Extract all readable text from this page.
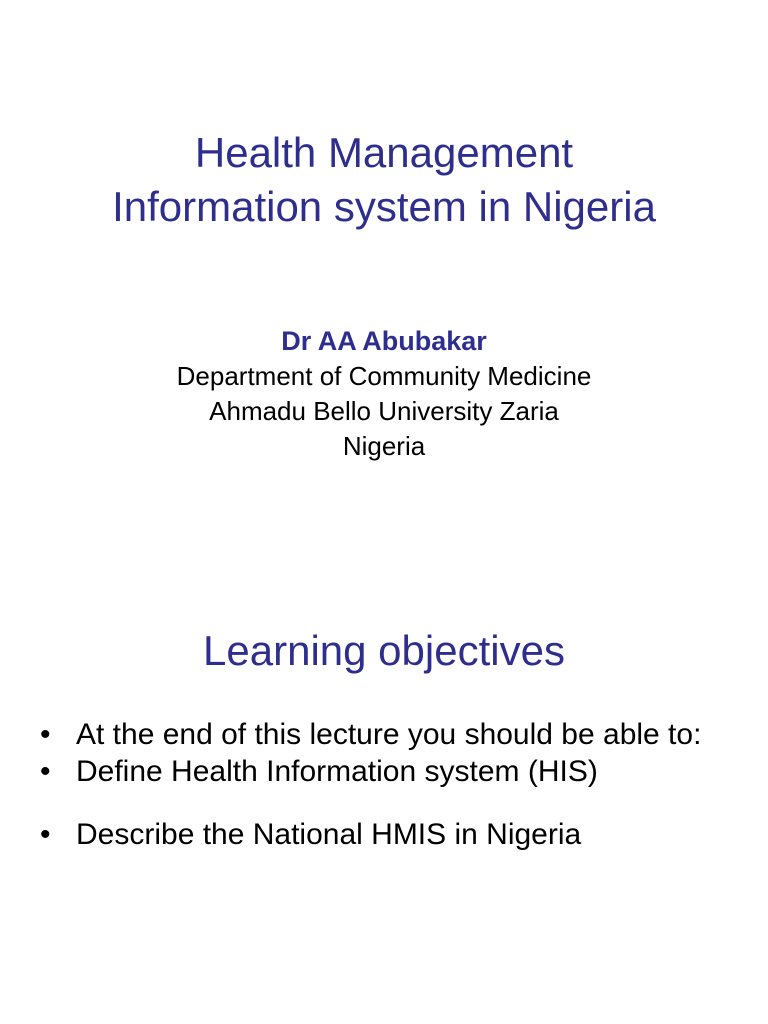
Health Management
Information system in Nigeria
Dr AA Abubakar
Department of Community Medicine
Ahmadu Bello University Zaria
Nigeria
Learning objectives
• At the end of this lecture you should be able to:
• Define Health Information system (HIS)
• Describe the National HMIS in Nigeria
